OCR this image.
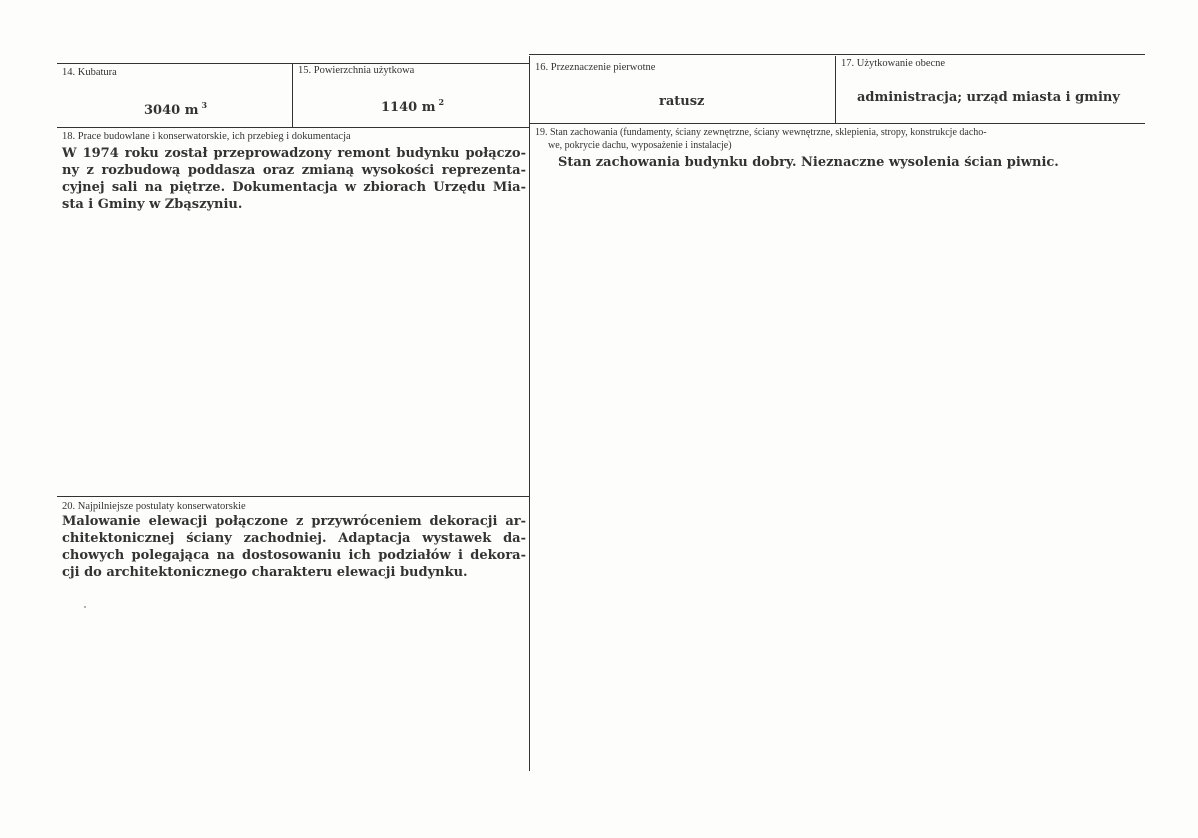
14. Kubatura
3040 m $^3$
15. Powierzchnia użytkowa
1140 m $^2$
16. Przeznaczenie pierwotne
ratusz
17. Użytkowanie obecne
administracja; urząd miasta i gminy
18. Prace budowlane i konserwatorskie, ich przebieg i dokumentacja
W 1974 roku został przeprowadzony remont budynku połączo-
ny z rozbudową poddasza oraz zmianą wysokości reprezenta-
cyjnej sali na piętrze. Dokumentacja w zbiorach Urzędu Mia-
sta i Gminy w Zbąszyniu.
19. Stan zachowania (fundamenty, ściany zewnętrzne, ściany wewnętrzne, sklepienia, stropy, konstrukcje dacho-
we, pokrycie dachu, wyposażenie i instalacje)
Stan zachowania budynku dobry. Nieznaczne wysolenia ścian piwnic.
20. Najpilniejsze postulaty konserwatorskie
Malowanie elewacji połączone z przywróceniem dekoracji ar-
chitektonicznej ściany zachodniej. Adaptacja wystawek da-
chowych polegająca na dostosowaniu ich podziałów i dekora-
cji do architektonicznego charakteru elewacji budynku.
